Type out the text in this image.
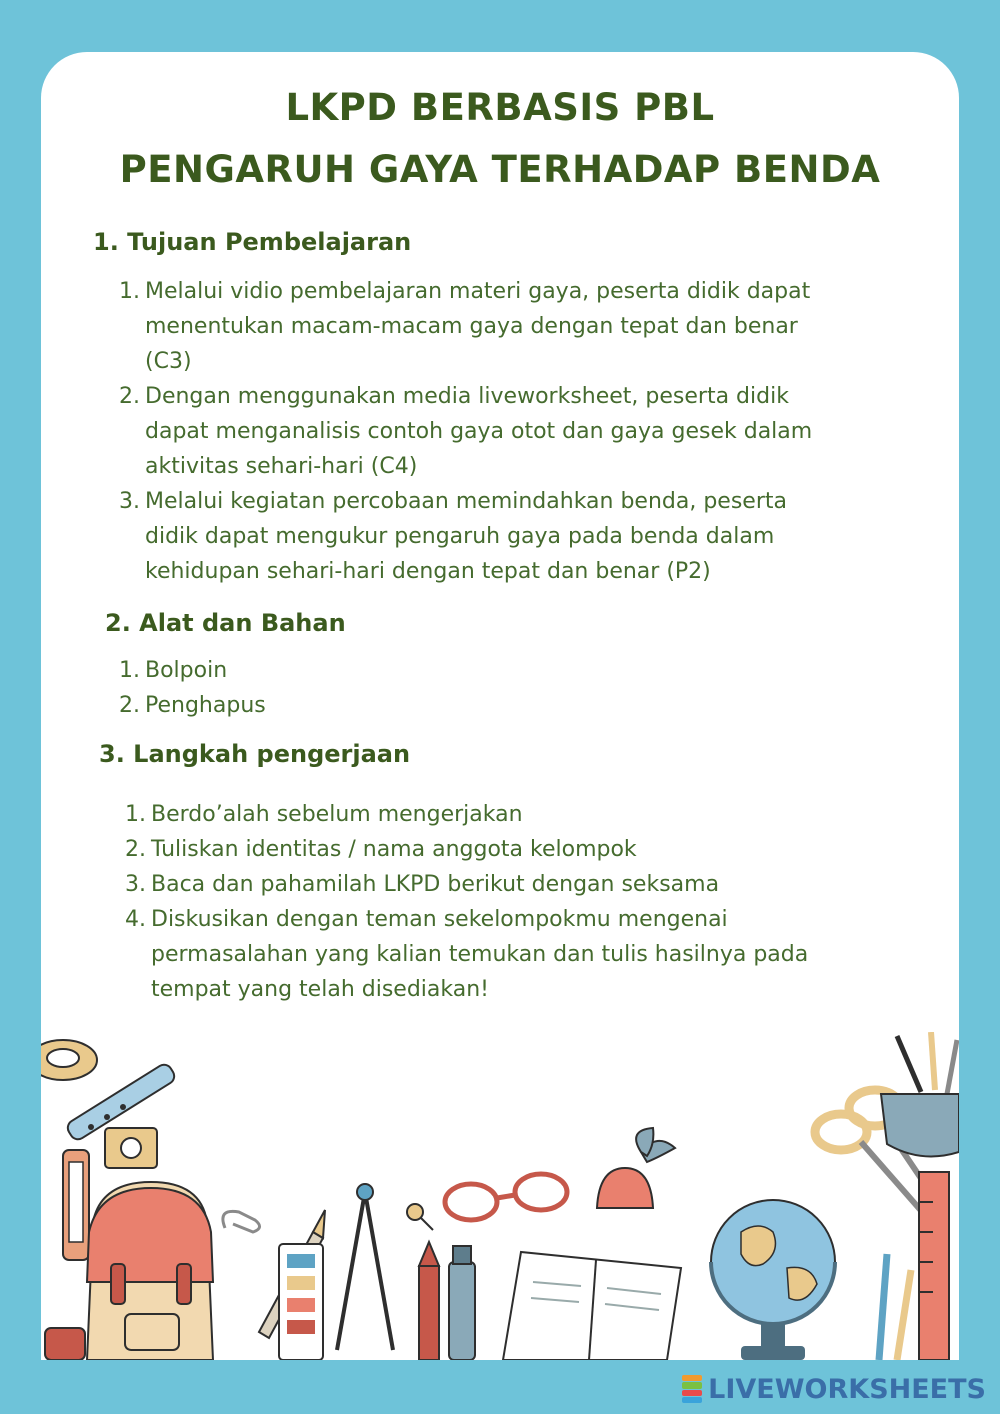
LKPD BERBASIS PBL
PENGARUH GAYA TERHADAP BENDA
1. Tujuan Pembelajaran
1. Melalui vidio pembelajaran materi gaya, peserta didik dapat
menentukan macam-macam gaya dengan tepat dan benar
(C3)
2. Dengan menggunakan media liveworksheet, peserta didik
dapat menganalisis contoh gaya otot dan gaya gesek dalam
aktivitas sehari-hari (C4)
3. Melalui kegiatan percobaan memindahkan benda, peserta
didik dapat mengukur pengaruh gaya pada benda dalam
kehidupan sehari-hari dengan tepat dan benar (P2)
2. Alat dan Bahan
1. Bolpoin
2. Penghapus
3. Langkah pengerjaan
1. Berdo’alah sebelum mengerjakan
2. Tuliskan identitas / nama anggota kelompok
3. Baca dan pahamilah LKPD berikut dengan seksama
4. Diskusikan dengan teman sekelompokmu mengenai
permasalahan yang kalian temukan dan tulis hasilnya pada
tempat yang telah disediakan!
LIVEWORKSHEETS
